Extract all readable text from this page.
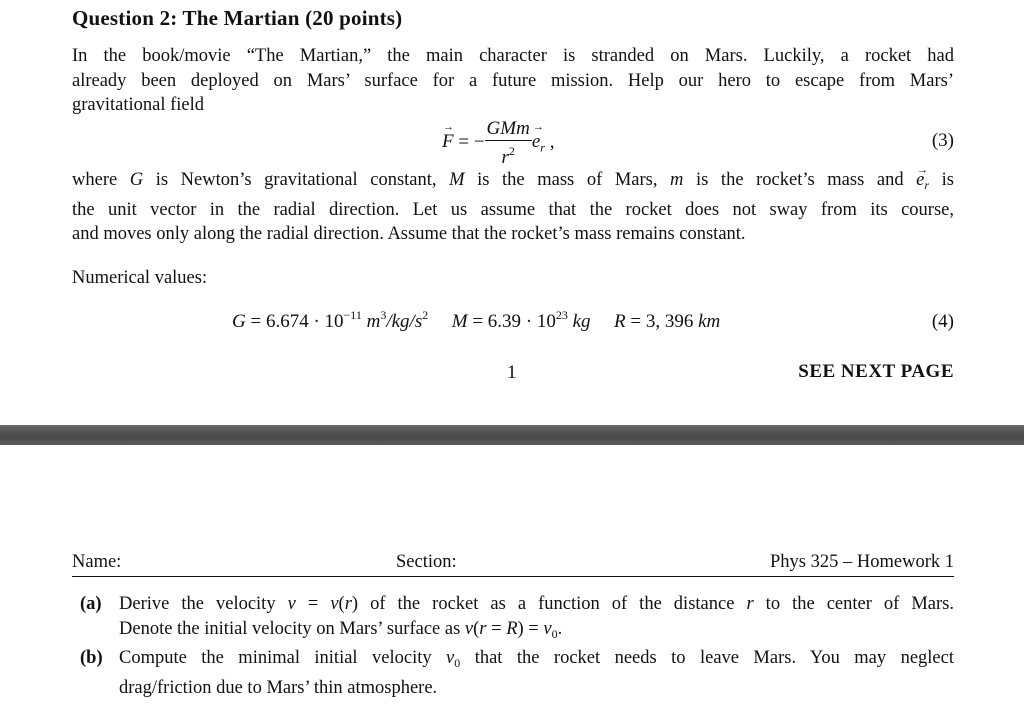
Question 2: The Martian (20 points)

In the book/movie “The Martian,” the main character is stranded on Mars. Luckily, a rocket had
already been deployed on Mars’ surface for a future mission. Help our hero to escape from Mars’
gravitational field

→ F = − $\frac{\text{GMm}}{r^2}$
→ $e_r$ ,	(3)

where G is Newton’s gravitational constant, M is the mass of Mars, m is the rocket’s mass and → $e_r$ is
the unit vector in the radial direction. Let us assume that the rocket does not sway from its course,
and moves only along the radial direction. Assume that the rocket’s mass remains constant.

Numerical values:
$G = 6.674 \cdot 10^{-11}$ $m^3/kg/s^2$ $M = 6.39 \cdot 10^{23}$ kg R = 3, 396 km	(4)
1	SEE NEXT PAGE
Name:	Section:	Phys 325 – Homework 1
(a) Derive the velocity v = v(r) of the rocket as a function of the distance r to the center of Mars.
Denote the initial velocity on Mars’ surface as $v(r = R) = v_0$.
(b) Compute the minimal initial velocity $v_0$ that the rocket needs to leave Mars. You may neglect
drag/friction due to Mars’ thin atmosphere.
